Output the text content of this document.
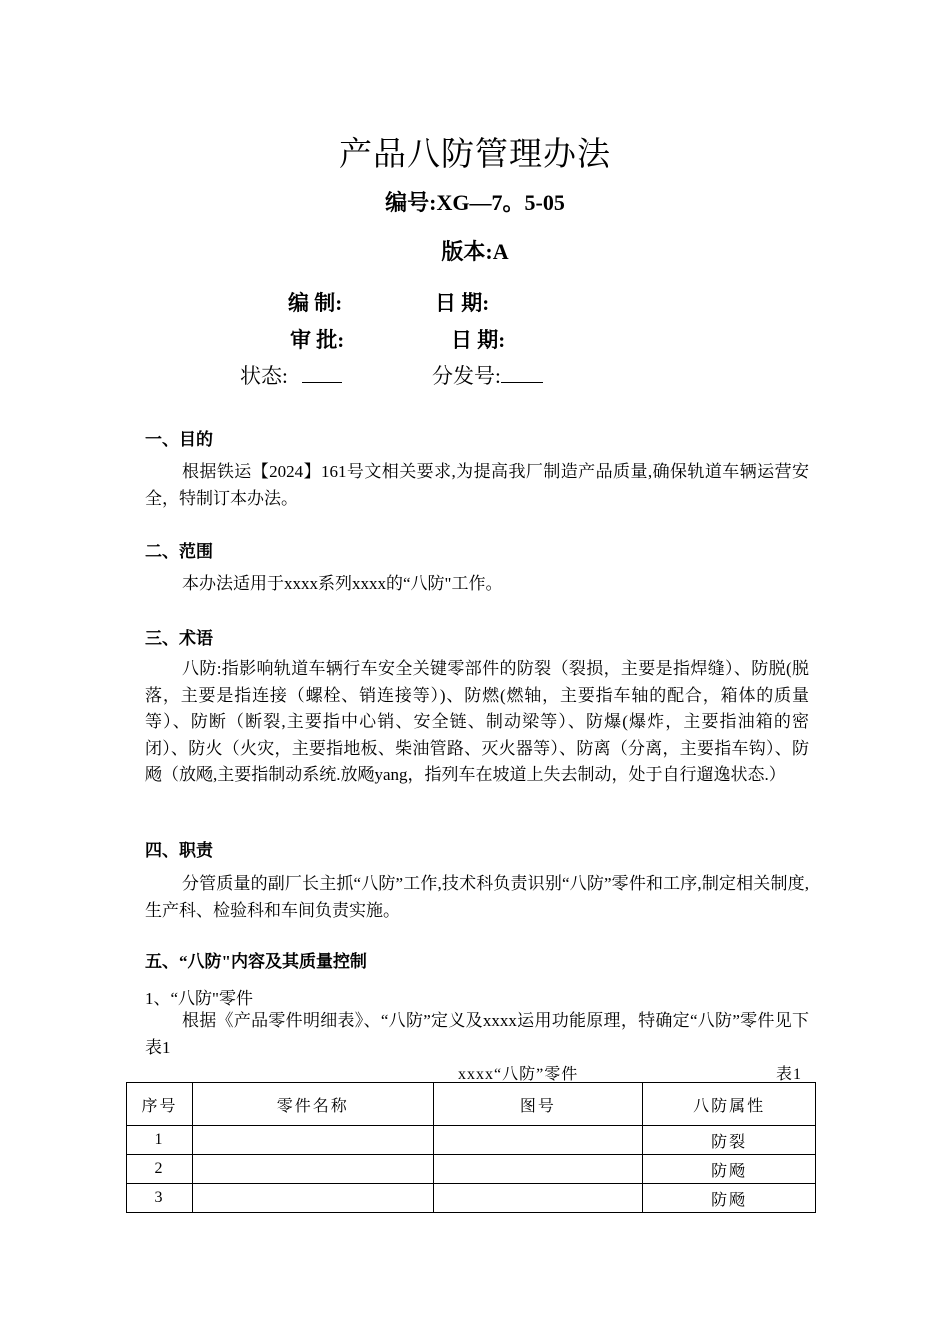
产品八防管理办法
编号:XG—7。5-05
版本:A
编 制:	日 期:
审 批:	日 期:
状态:	分发号:
一、目的

根据铁运【2024】161号文相关要求,为提高我厂制造产品质量,确保轨道车辆运营安全，特制订本办法。

二、范围

本办法适用于xxxx系列xxxx的“八防"工作。

三、术语

八防:指影响轨道车辆行车安全关键零部件的防裂（裂损，主要是指焊缝）、防脱(脱落，主要是指连接（螺栓、销连接等）)、防燃(燃轴，主要指车轴的配合，箱体的质量等）、防断（断裂,主要指中心销、安全链、制动梁等）、防爆(爆炸，主要指油箱的密闭）、防火（火灾，主要指地板、柴油管路、灭火器等）、防离（分离，主要指车钩）、防飏（放飏,主要指制动系统.放飏yang，指列车在坡道上失去制动，处于自行遛逸状态.）

四、职责

分管质量的副厂长主抓“八防”工作,技术科负责识别“八防”零件和工序,制定相关制度,生产科、检验科和车间负责实施。

五、“八防"内容及其质量控制
1、“八防"零件

根据《产品零件明细表》、“八防”定义及xxxx运用功能原理，特确定“八防”零件见下表1

xxxx“八防”零件	表1
序号	零件名称	图号	八防属性
1			防裂
2			防飏
3			防飏
